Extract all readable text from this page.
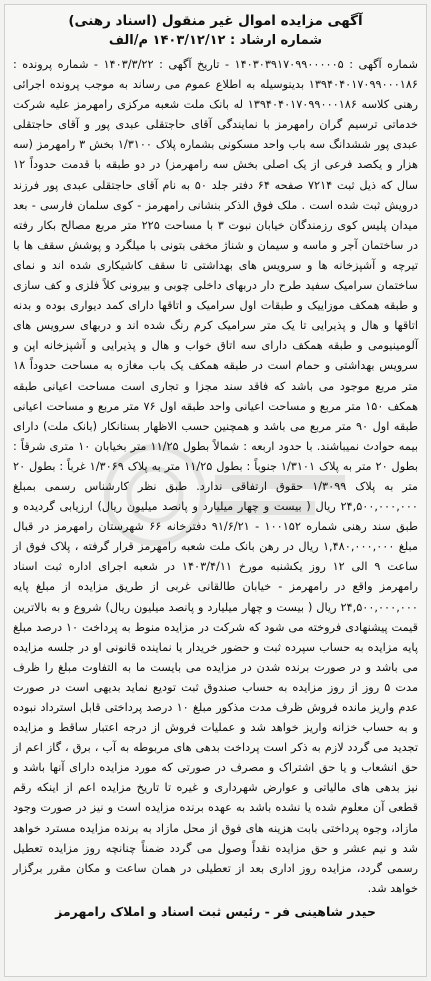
آگهی مزایده اموال غیر منقول (اسناد رهنی)
شماره ارشاد : ۱۴۰۳/۱۲/۱۲ م/الف

شماره آگهی : ۱۴۰۳۰۳۹۱۷۰۹۹۰۰۰۰۰۵ - تاریخ آگهی : ۱۴۰۳/۳/۲۲ - شماره پرونده : ۱۳۹۴۰۴۰۱۷۰۹۹۰۰۰۱۸۶ بدینوسیله به اطلاع عموم می رساند به موجب پرونده اجرائی رهنی کلاسه ۱۳۹۴۰۴۰۱۷۰۹۹۰۰۰۱۸۶ له بانک ملت شعبه مرکزی رامهرمز علیه شرکت خدماتی ترسیم گران رامهرمز با نمایندگی آقای حاجتقلی عبدی پور و آقای حاجتقلی عبدی پور ششدانگ سه باب واحد مسکونی بشماره پلاک ۱/۳۱۰۰ بخش ۳ رامهرمز (سه هزار و یکصد فرعی از یک اصلی بخش سه رامهرمز) در دو طبقه با قدمت حدوداً ۱۲ سال که ذیل ثبت ۷۲۱۴ صفحه ۶۴ دفتر جلد ۵۰ به نام آقای حاجتقلی عبدی پور فرزند درویش ثبت شده است . ملک فوق الذکر بنشانی رامهرمز - کوی سلمان فارسی - بعد میدان پلیس کوی رزمندگان خیابان نبوت ۳ با مساحت ۲۲۵ متر مربع مصالح بکار رفته در ساختمان آجر و ماسه و سیمان و شناژ مخفی بتونی با میلگرد و پوشش سقف ها با تیرچه و آشپزخانه ها و سرویس های بهداشتی تا سقف کاشیکاری شده اند و نمای ساختمان سرامیک سفید طرح دار دربهای داخلی چوبی و بیرونی کلاً فلزی و کف سازی و طبقه همکف موزاییک و طبقات اول سرامیک و اتاقها دارای کمد دیواری بوده و بدنه اتاقها و هال و پذیرایی تا یک متر سرامیک کرم رنگ شده اند و دربهای سرویس های آلومینیومی و طبقه همکف دارای سه اتاق خواب و هال و پذیرایی و آشپزخانه اپن و سرویس بهداشتی و حمام است در طبقه همکف یک باب مغازه به مساحت حدوداً ۱۸ متر مربع موجود می باشد که فاقد سند مجزا و تجاری است مساحت اعیانی طبقه همکف ۱۵۰ متر مربع و مساحت اعیانی واحد طبقه اول ۷۶ متر مربع و مساحت اعیانی طبقه اول ۹۰ متر مربع می باشد و همچنین حسب الاظهار بستانکار (بانک ملت) دارای بیمه حوادث نمیباشند. با حدود اربعه : شمالاً بطول ۱۱/۲۵ متر بخیابان ۱۰ متری شرقاً : بطول ۲۰ متر به پلاک ۱/۳۱۰۱ جنوباً : بطول ۱۱/۲۵ متر به پلاک ۱/۳۰۶۹ غرباً : بطول ۲۰ متر به پلاک ۱/۳۰۹۹ حقوق ارتفاقی ندارد. طبق نظر کارشناس رسمی بمبلغ ۲۴,۵۰۰,۰۰۰,۰۰۰ ریال ( بیست و چهار میلیارد و پانصد میلیون ریال) ارزیابی گردیده و طبق سند رهنی شماره ۱۰۰۱۵۲ - ۹۱/۶/۲۱ دفترخانه ۶۶ شهرستان رامهرمز در قبال مبلغ ۱,۴۸۰,۰۰۰,۰۰۰ ریال در رهن بانک ملت شعبه رامهرمز قرار گرفته ، پلاک فوق از ساعت ۹ الی ۱۲ روز یکشنبه مورخ ۱۴۰۳/۴/۱۱ در شعبه اجرای اداره ثبت اسناد رامهرمز واقع در رامهرمز - خیابان طالقانی غربی از طریق مزایده از مبلغ پایه ۲۴,۵۰۰,۰۰۰,۰۰۰ ریال ( بیست و چهار میلیارد و پانصد میلیون ریال) شروع و به بالاترین قیمت پیشنهادی فروخته می شود که شرکت در مزایده منوط به پرداخت ۱۰ درصد مبلغ پایه مزایده به حساب سپرده ثبت و حضور خریدار یا نماینده قانونی او در جلسه مزایده می باشد و در صورت برنده شدن در مزایده می بایست ما به التفاوت مبلغ را ظرف مدت ۵ روز از روز مزایده به حساب صندوق ثبت تودیع نماید بدیهی است در صورت عدم واریز مانده فروش ظرف مدت مذکور مبلغ ۱۰ درصد پرداختی قابل استرداد نبوده و به حساب خزانه واریز خواهد شد و عملیات فروش از درجه اعتبار ساقط و مزایده تجدید می گردد لازم به ذکر است پرداخت بدهی های مربوطه به آب ، برق ، گاز اعم از حق انشعاب و یا حق اشتراک و مصرف در صورتی که مورد مزایده دارای آنها باشد و نیز بدهی های مالیاتی و عوارض شهرداری و غیره تا تاریخ مزایده اعم از اینکه رقم قطعی آن معلوم شده یا نشده باشد به عهده برنده مزایده است و نیز در صورت وجود مازاد، وجوه پرداختی بابت هزینه های فوق از محل مازاد به برنده مزایده مسترد خواهد شد و نیم عشر و حق مزایده نقداً وصول می گردد ضمناً چنانچه روز مزایده تعطیل رسمی گردد، مزایده روز اداری بعد از تعطیلی در همان ساعت و مکان مقرر برگزار خواهد شد.

حیدر شاهینی فر - رئیس ثبت اسناد و املاک رامهرمز
